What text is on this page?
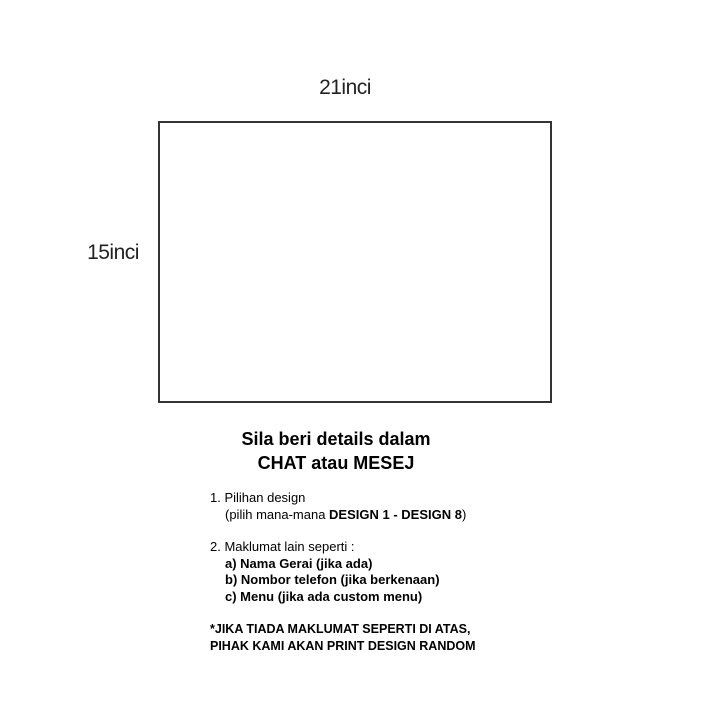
21inci
15inci
Sila beri details dalam
CHAT atau MESEJ
1. Pilihan design
(pilih mana-mana DESIGN 1 - DESIGN 8)
2. Maklumat lain seperti :
a) Nama Gerai (jika ada)
b) Nombor telefon (jika berkenaan)
c) Menu (jika ada custom menu)
*JIKA TIADA MAKLUMAT SEPERTI DI ATAS,
PIHAK KAMI AKAN PRINT DESIGN RANDOM
